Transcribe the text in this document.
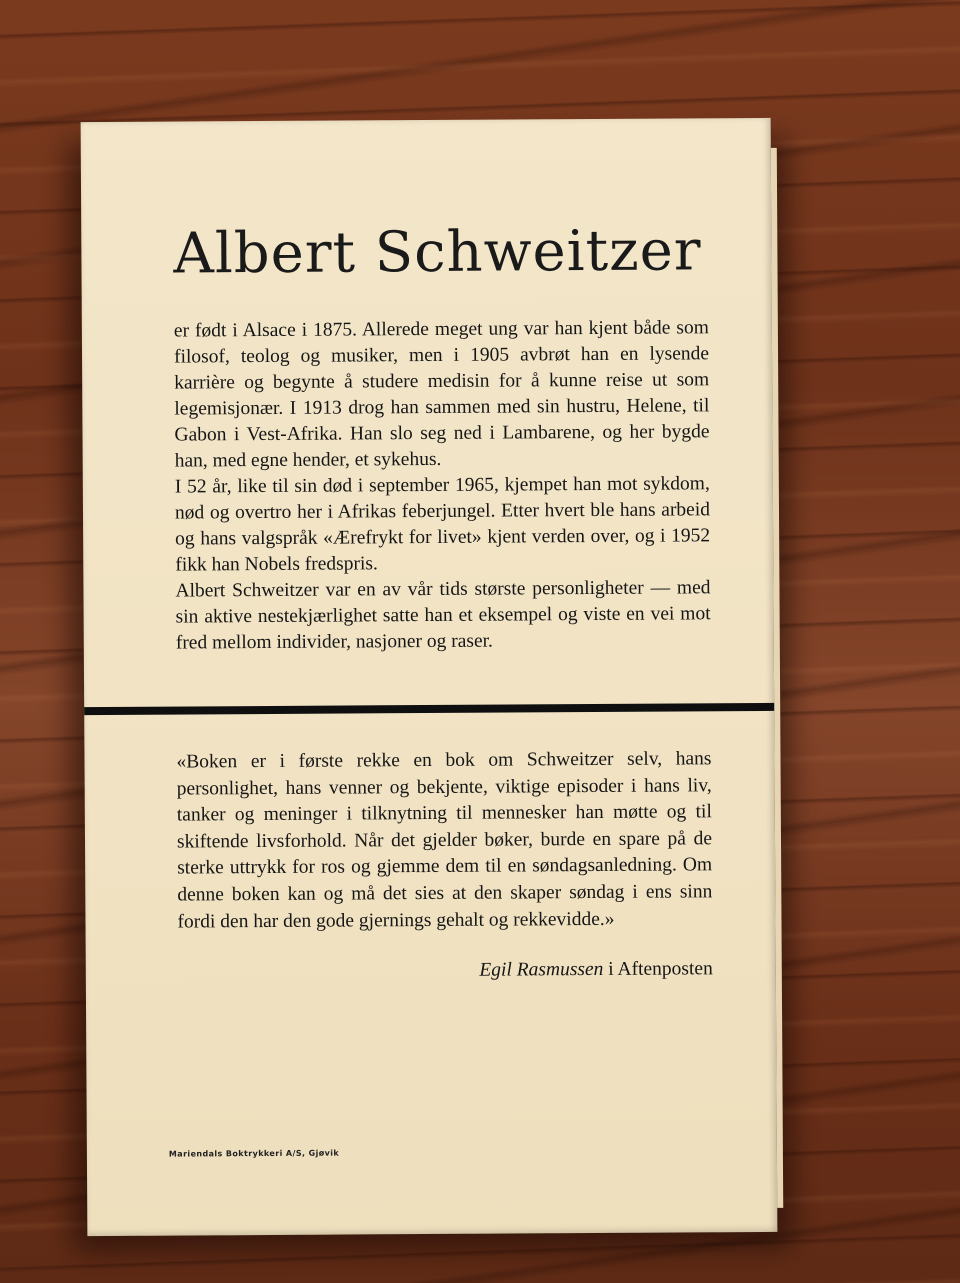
Albert Schweitzer

er født i Alsace i 1875. Allerede meget ung var han kjent både som filosof, teolog og musiker, men i 1905 avbrøt han en lysende karrière og begynte å studere medisin for å kunne reise ut som legemisjonær. I 1913 drog han sammen med sin hustru, Helene, til Gabon i Vest-Afrika. Han slo seg ned i Lambarene, og her bygde han, med egne hender, et sykehus.

I 52 år, like til sin død i september 1965, kjempet han mot sykdom, nød og overtro her i Afrikas feberjungel. Etter hvert ble hans arbeid og hans valgspråk «Ærefrykt for livet» kjent verden over, og i 1952 fikk han Nobels fredspris.

Albert Schweitzer var en av vår tids største personligheter — med sin aktive nestekjærlighet satte han et eksempel og viste en vei mot fred mellom individer, nasjoner og raser.

«Boken er i første rekke en bok om Schweitzer selv, hans personlighet, hans venner og bekjente, viktige episoder i hans liv, tanker og meninger i tilknytning til mennesker han møtte og til skiftende livsforhold. Når det gjelder bøker, burde en spare på de sterke uttrykk for ros og gjemme dem til en søndagsanledning. Om denne boken kan og må det sies at den skaper søndag i ens sinn fordi den har den gode gjernings gehalt og rekkevidde.»

Egil Rasmussen i Aftenposten
Mariendals Boktrykkeri A/S, Gjøvik
